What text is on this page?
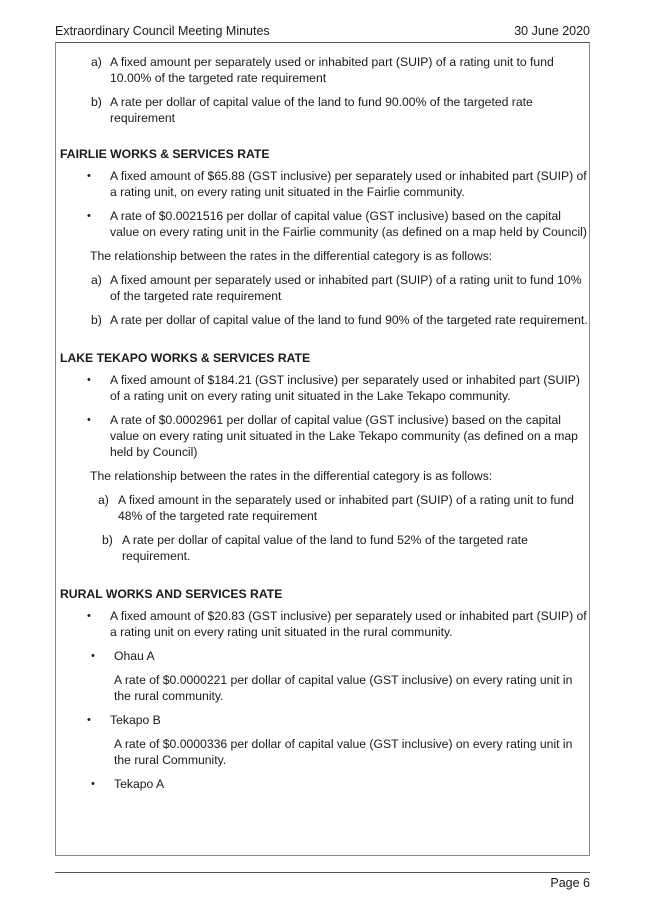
Extraordinary Council Meeting Minutes	30 June 2020
a) A fixed amount per separately used or inhabited part (SUIP) of a rating unit to fund 10.00% of the targeted rate requirement
b) A rate per dollar of capital value of the land to fund 90.00% of the targeted rate requirement
FAIRLIE WORKS & SERVICES RATE
• A fixed amount of $65.88 (GST inclusive) per separately used or inhabited part (SUIP) of a rating unit, on every rating unit situated in the Fairlie community.
• A rate of $0.0021516 per dollar of capital value (GST inclusive) based on the capital value on every rating unit in the Fairlie community (as defined on a map held by Council)
The relationship between the rates in the differential category is as follows:
a) A fixed amount per separately used or inhabited part (SUIP) of a rating unit to fund 10% of the targeted rate requirement
b) A rate per dollar of capital value of the land to fund 90% of the targeted rate requirement.
LAKE TEKAPO WORKS & SERVICES RATE
• A fixed amount of $184.21 (GST inclusive) per separately used or inhabited part (SUIP) of a rating unit on every rating unit situated in the Lake Tekapo community.
• A rate of $0.0002961 per dollar of capital value (GST inclusive) based on the capital value on every rating unit situated in the Lake Tekapo community (as defined on a map held by Council)
The relationship between the rates in the differential category is as follows:
a) A fixed amount in the separately used or inhabited part (SUIP) of a rating unit to fund 48% of the targeted rate requirement
b) A rate per dollar of capital value of the land to fund 52% of the targeted rate requirement.
RURAL WORKS AND SERVICES RATE
• A fixed amount of $20.83 (GST inclusive) per separately used or inhabited part (SUIP) of a rating unit on every rating unit situated in the rural community.
• Ohau A
A rate of $0.0000221 per dollar of capital value (GST inclusive) on every rating unit in the rural community.
• Tekapo B
A rate of $0.0000336 per dollar of capital value (GST inclusive) on every rating unit in the rural Community.
• Tekapo A
Page 6
